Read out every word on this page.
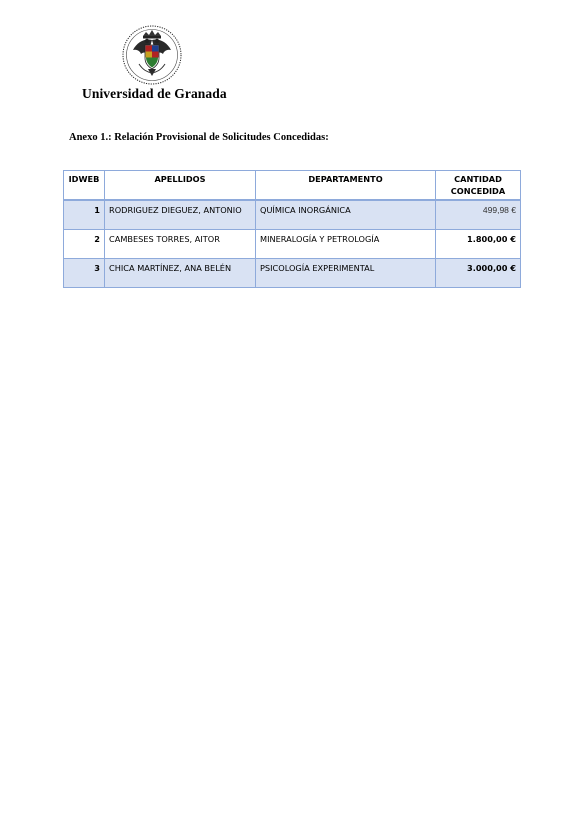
Universidad de Granada
Anexo 1.: Relación Provisional de Solicitudes Concedidas:
IDWEB	APELLIDOS	DEPARTAMENTO	CANTIDAD
CONCEDIDA
1	RODRIGUEZ DIEGUEZ, ANTONIO	QUÍMICA INORGÁNICA	499,98 €
2	CAMBESES TORRES, AITOR	MINERALOGÍA Y PETROLOGÍA	1.800,00 €
3	CHICA MARTÍNEZ, ANA BELÉN	PSICOLOGÍA EXPERIMENTAL	3.000,00 €
